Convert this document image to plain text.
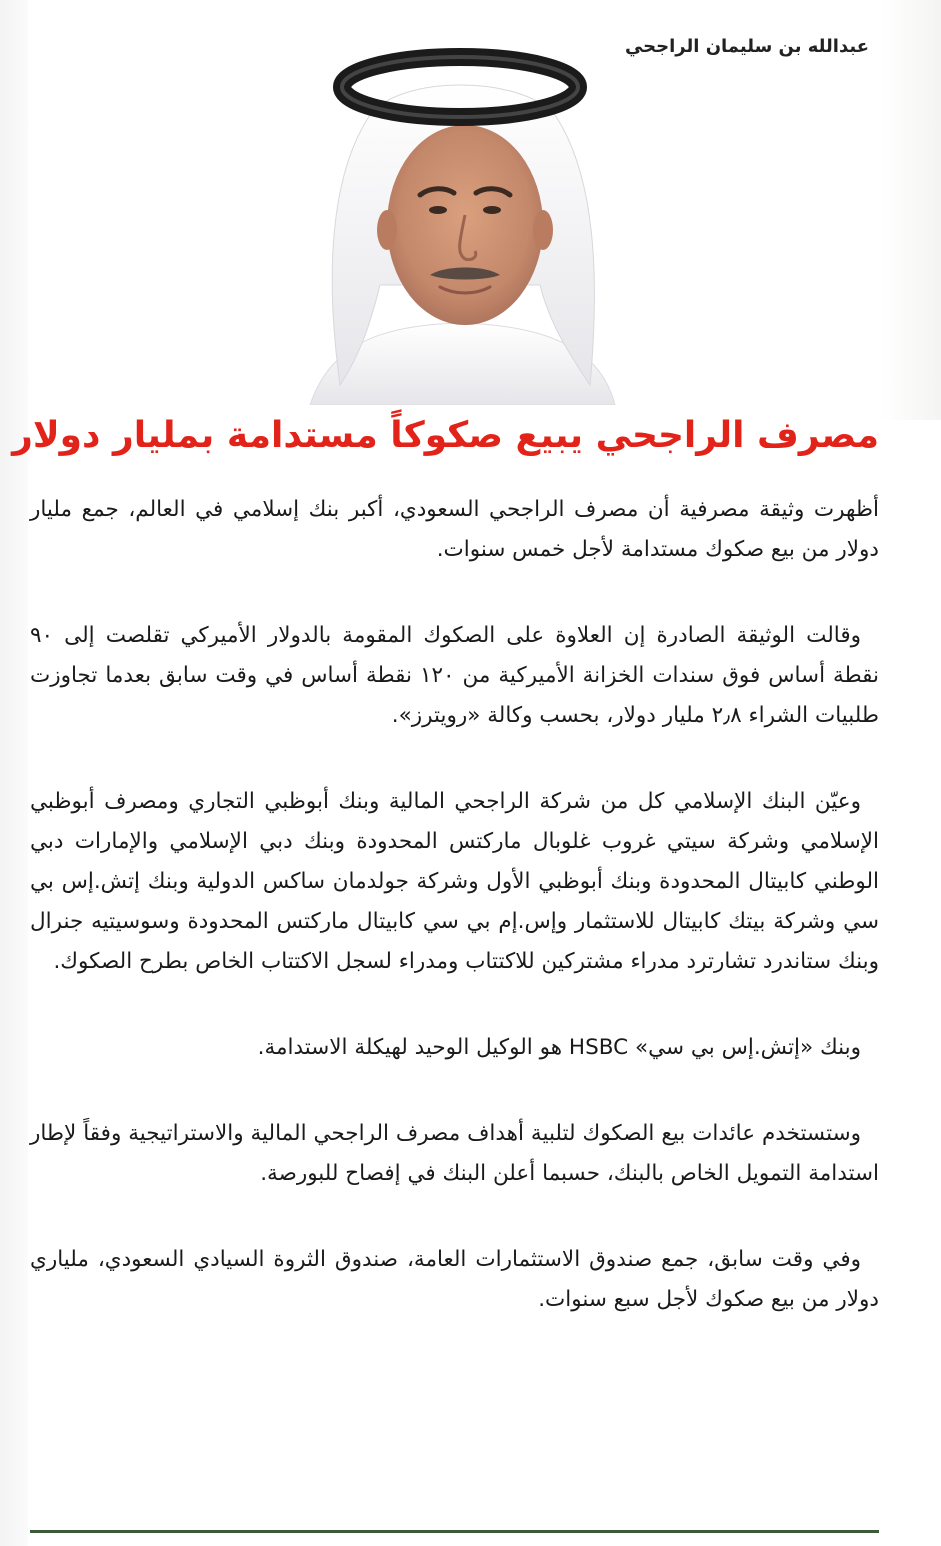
عبدالله بن سليمان الراجحي
مصرف الراجحي يبيع صكوكاً مستدامة بمليار دولار

أظهرت وثيقة مصرفية أن مصرف الراجحي السعودي، أكبر بنك إسلامي في العالم، جمع مليار دولار من بيع صكوك مستدامة لأجل خمس سنوات.

وقالت الوثيقة الصادرة إن العلاوة على الصكوك المقومة بالدولار الأميركي تقلصت إلى ٩٠ نقطة أساس فوق سندات الخزانة الأميركية من ١٢٠ نقطة أساس في وقت سابق بعدما تجاوزت طلبيات الشراء ٢٫٨ مليار دولار، بحسب وكالة «رويترز».

وعيّن البنك الإسلامي كل من شركة الراجحي المالية وبنك أبوظبي التجاري ومصرف أبوظبي الإسلامي وشركة سيتي غروب غلوبال ماركتس المحدودة وبنك دبي الإسلامي والإمارات دبي الوطني كابيتال المحدودة وبنك أبوظبي الأول وشركة جولدمان ساكس الدولية وبنك إتش.إس بي سي وشركة بيتك كابيتال للاستثمار وإس.إم بي سي كابيتال ماركتس المحدودة وسوسيتيه جنرال وبنك ستاندرد تشارترد مدراء مشتركين للاكتتاب ومدراء لسجل الاكتتاب الخاص بطرح الصكوك.

وبنك «إتش.إس بي سي» HSBC هو الوكيل الوحيد لهيكلة الاستدامة.

وستستخدم عائدات بيع الصكوك لتلبية أهداف مصرف الراجحي المالية والاستراتيجية وفقاً لإطار استدامة التمويل الخاص بالبنك، حسبما أعلن البنك في إفصاح للبورصة.

وفي وقت سابق، جمع صندوق الاستثمارات العامة، صندوق الثروة السيادي السعودي، ملياري دولار من بيع صكوك لأجل سبع سنوات.
